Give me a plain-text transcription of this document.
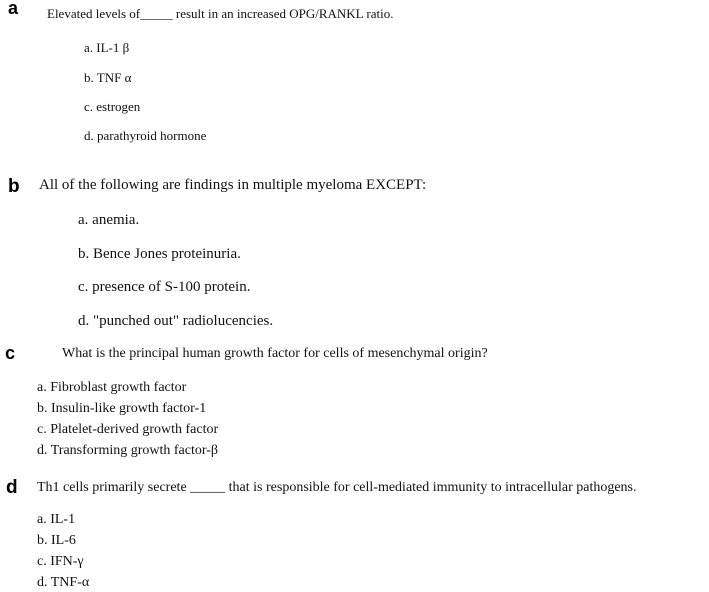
a Elevated levels of_____ result in an increased OPG/RANKL ratio.
a. IL-1 β
b. TNF α
c. estrogen
d. parathyroid hormone
b All of the following are findings in multiple myeloma EXCEPT:
a. anemia.
b. Bence Jones proteinuria.
c. presence of S-100 protein.
d. "punched out" radiolucencies.
c	What is the principal human growth factor for cells of mesenchymal origin?
a. Fibroblast growth factor
b. Insulin-like growth factor-1
c. Platelet-derived growth factor
d. Transforming growth factor-β
d Th1 cells primarily secrete _____ that is responsible for cell-mediated immunity to intracellular pathogens.
a. IL-1
b. IL-6
c. IFN-γ
d. TNF-α
